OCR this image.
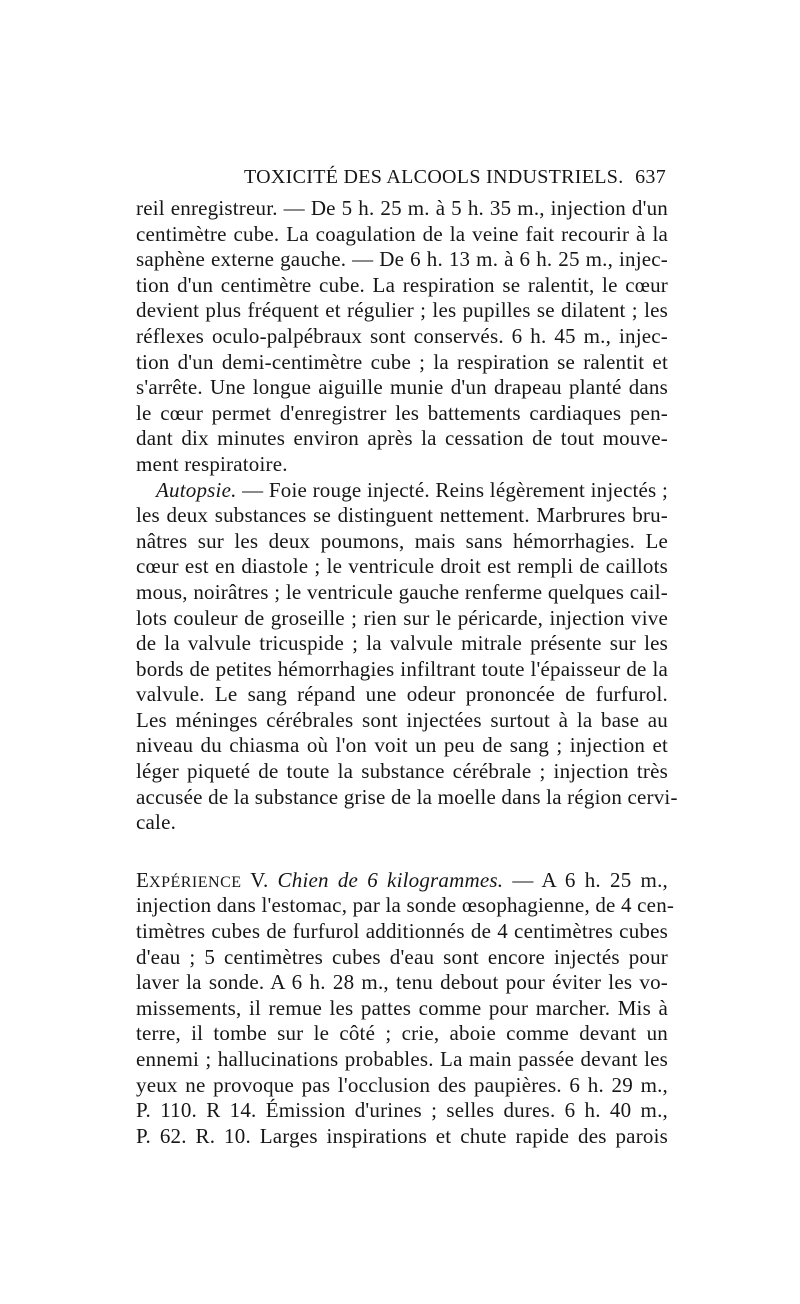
TOXICITÉ DES ALCOOLS INDUSTRIELS. 637
reil enregistreur. — De 5 h. 25 m. à 5 h. 35 m., injection d'un
centimètre cube. La coagulation de la veine fait recourir à la
saphène externe gauche. — De 6 h. 13 m. à 6 h. 25 m., injec-
tion d'un centimètre cube. La respiration se ralentit, le cœur
devient plus fréquent et régulier ; les pupilles se dilatent ; les
réflexes oculo-palpébraux sont conservés. 6 h. 45 m., injec-
tion d'un demi-centimètre cube ; la respiration se ralentit et
s'arrête. Une longue aiguille munie d'un drapeau planté dans
le cœur permet d'enregistrer les battements cardiaques pen-
dant dix minutes environ après la cessation de tout mouve-
ment respiratoire.
Autopsie. — Foie rouge injecté. Reins légèrement injectés ;
les deux substances se distinguent nettement. Marbrures bru-
nâtres sur les deux poumons, mais sans hémorrhagies. Le
cœur est en diastole ; le ventricule droit est rempli de caillots
mous, noirâtres ; le ventricule gauche renferme quelques cail-
lots couleur de groseille ; rien sur le péricarde, injection vive
de la valvule tricuspide ; la valvule mitrale présente sur les
bords de petites hémorrhagies infiltrant toute l'épaisseur de la
valvule. Le sang répand une odeur prononcée de furfurol.
Les méninges cérébrales sont injectées surtout à la base au
niveau du chiasma où l'on voit un peu de sang ; injection et
léger piqueté de toute la substance cérébrale ; injection très
accusée de la substance grise de la moelle dans la région cervi-
cale.
EXPÉRIENCE V. Chien de 6 kilogrammes. — A 6 h. 25 m.,
injection dans l'estomac, par la sonde œsophagienne, de 4 cen-
timètres cubes de furfurol additionnés de 4 centimètres cubes
d'eau ; 5 centimètres cubes d'eau sont encore injectés pour
laver la sonde. A 6 h. 28 m., tenu debout pour éviter les vo-
missements, il remue les pattes comme pour marcher. Mis à
terre, il tombe sur le côté ; crie, aboie comme devant un
ennemi ; hallucinations probables. La main passée devant les
yeux ne provoque pas l'occlusion des paupières. 6 h. 29 m.,
P. 110. R 14. Émission d'urines ; selles dures. 6 h. 40 m.,
P. 62. R. 10. Larges inspirations et chute rapide des parois
